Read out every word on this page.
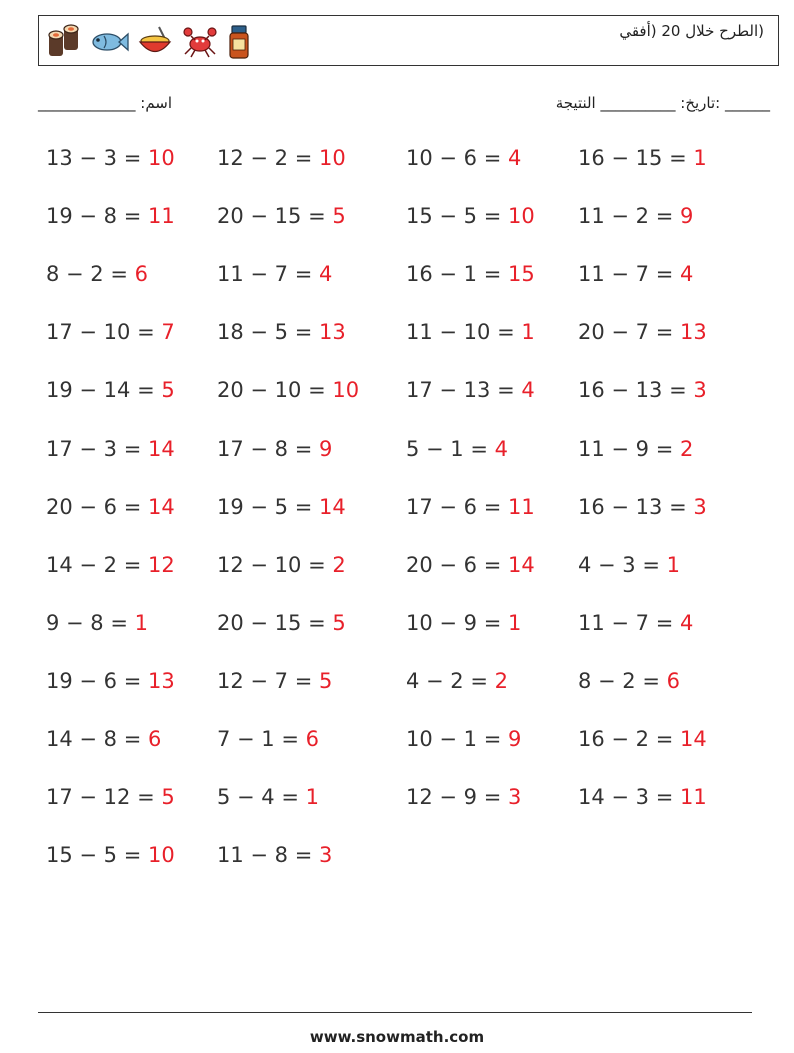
(الطرح خلال 20 (أفقي
اسم: _____________	______ :تاريخ: __________ النتيجة
13 − 3 = 10 12 − 2 = 10	10 − 6 = 4	16 − 15 = 1
19 − 8 = 11 20 − 15 = 5	15 − 5 = 10 11 − 2 = 9
8 − 2 = 6	11 − 7 = 4	16 − 1 = 15 11 − 7 = 4
17 − 10 = 7 18 − 5 = 13	11 − 10 = 1 20 − 7 = 13
19 − 14 = 5 20 − 10 = 10 17 − 13 = 4 16 − 13 = 3
17 − 3 = 14 17 − 8 = 9	5 − 1 = 4	11 − 9 = 2
20 − 6 = 14 19 − 5 = 14	17 − 6 = 11 16 − 13 = 3
14 − 2 = 12 12 − 10 = 2	20 − 6 = 14 4 − 3 = 1
9 − 8 = 1	20 − 15 = 5	10 − 9 = 1	11 − 7 = 4
19 − 6 = 13 12 − 7 = 5	4 − 2 = 2	8 − 2 = 6
14 − 8 = 6	7 − 1 = 6	10 − 1 = 9	16 − 2 = 14
17 − 12 = 5 5 − 4 = 1	12 − 9 = 3	14 − 3 = 11
15 − 5 = 10 11 − 8 = 3
www.snowmath.com
